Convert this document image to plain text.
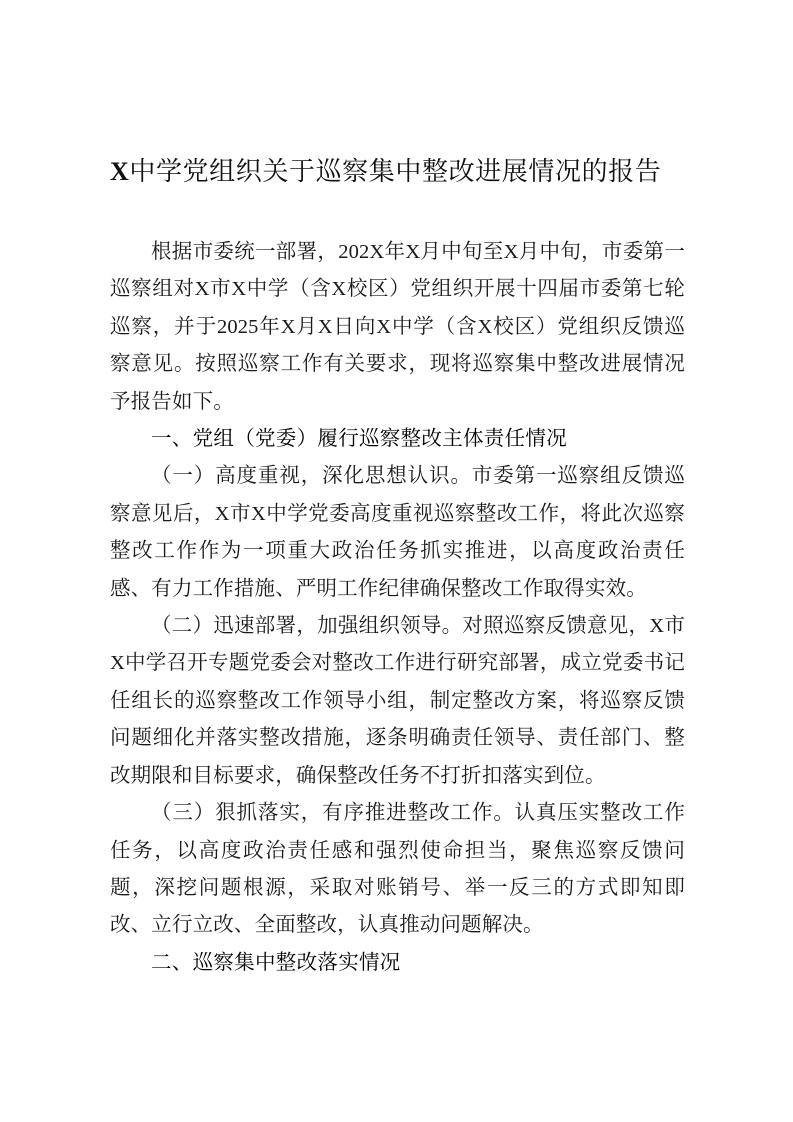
X中学党组织关于巡察集中整改进展情况的报告

根据市委统一部署，202X年X月中旬至X月中旬，市委第一巡察组对X市X中学（含X校区）党组织开展十四届市委第七轮巡察，并于2025年X月X日向X中学（含X校区）党组织反馈巡察意见。按照巡察工作有关要求，现将巡察集中整改进展情况予报告如下。

一、党组（党委）履行巡察整改主体责任情况

（一）高度重视，深化思想认识。市委第一巡察组反馈巡察意见后，X市X中学党委高度重视巡察整改工作，将此次巡察整改工作作为一项重大政治任务抓实推进，以高度政治责任感、有力工作措施、严明工作纪律确保整改工作取得实效。

（二）迅速部署，加强组织领导。对照巡察反馈意见，X市X中学召开专题党委会对整改工作进行研究部署，成立党委书记任组长的巡察整改工作领导小组，制定整改方案，将巡察反馈问题细化并落实整改措施，逐条明确责任领导、责任部门、整改期限和目标要求，确保整改任务不打折扣落实到位。

（三）狠抓落实，有序推进整改工作。认真压实整改工作任务，以高度政治责任感和强烈使命担当，聚焦巡察反馈问题，深挖问题根源，采取对账销号、举一反三的方式即知即改、立行立改、全面整改，认真推动问题解决。

二、巡察集中整改落实情况
